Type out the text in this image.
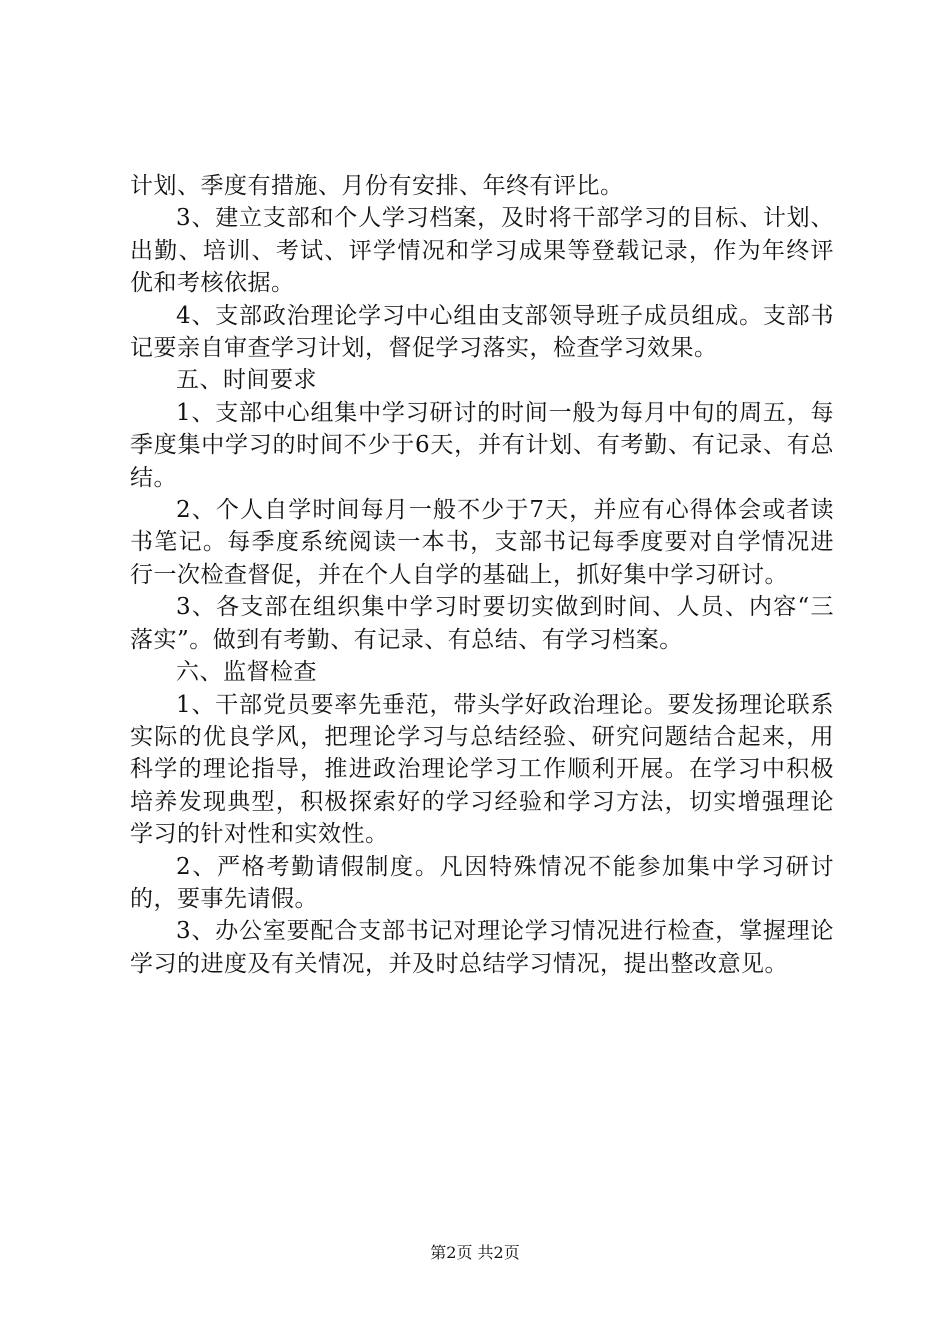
计划、季度有措施、月份有安排、年终有评比。

3、建立支部和个人学习档案，及时将干部学习的目标、计划、出勤、培训、考试、评学情况和学习成果等登载记录，作为年终评优和考核依据。

4、支部政治理论学习中心组由支部领导班子成员组成。支部书记要亲自审查学习计划，督促学习落实，检查学习效果。

五、时间要求

1、支部中心组集中学习研讨的时间一般为每月中旬的周五，每季度集中学习的时间不少于6天，并有计划、有考勤、有记录、有总结。

2、个人自学时间每月一般不少于7天，并应有心得体会或者读书笔记。每季度系统阅读一本书，支部书记每季度要对自学情况进行一次检查督促，并在个人自学的基础上，抓好集中学习研讨。

3、各支部在组织集中学习时要切实做到时间、人员、内容“三落实”。做到有考勤、有记录、有总结、有学习档案。

六、监督检查

1、干部党员要率先垂范，带头学好政治理论。要发扬理论联系实际的优良学风，把理论学习与总结经验、研究问题结合起来，用科学的理论指导，推进政治理论学习工作顺利开展。在学习中积极培养发现典型，积极探索好的学习经验和学习方法，切实增强理论学习的针对性和实效性。

2、严格考勤请假制度。凡因特殊情况不能参加集中学习研讨的，要事先请假。

3、办公室要配合支部书记对理论学习情况进行检查，掌握理论学习的进度及有关情况，并及时总结学习情况，提出整改意见。

第2页 共2页
